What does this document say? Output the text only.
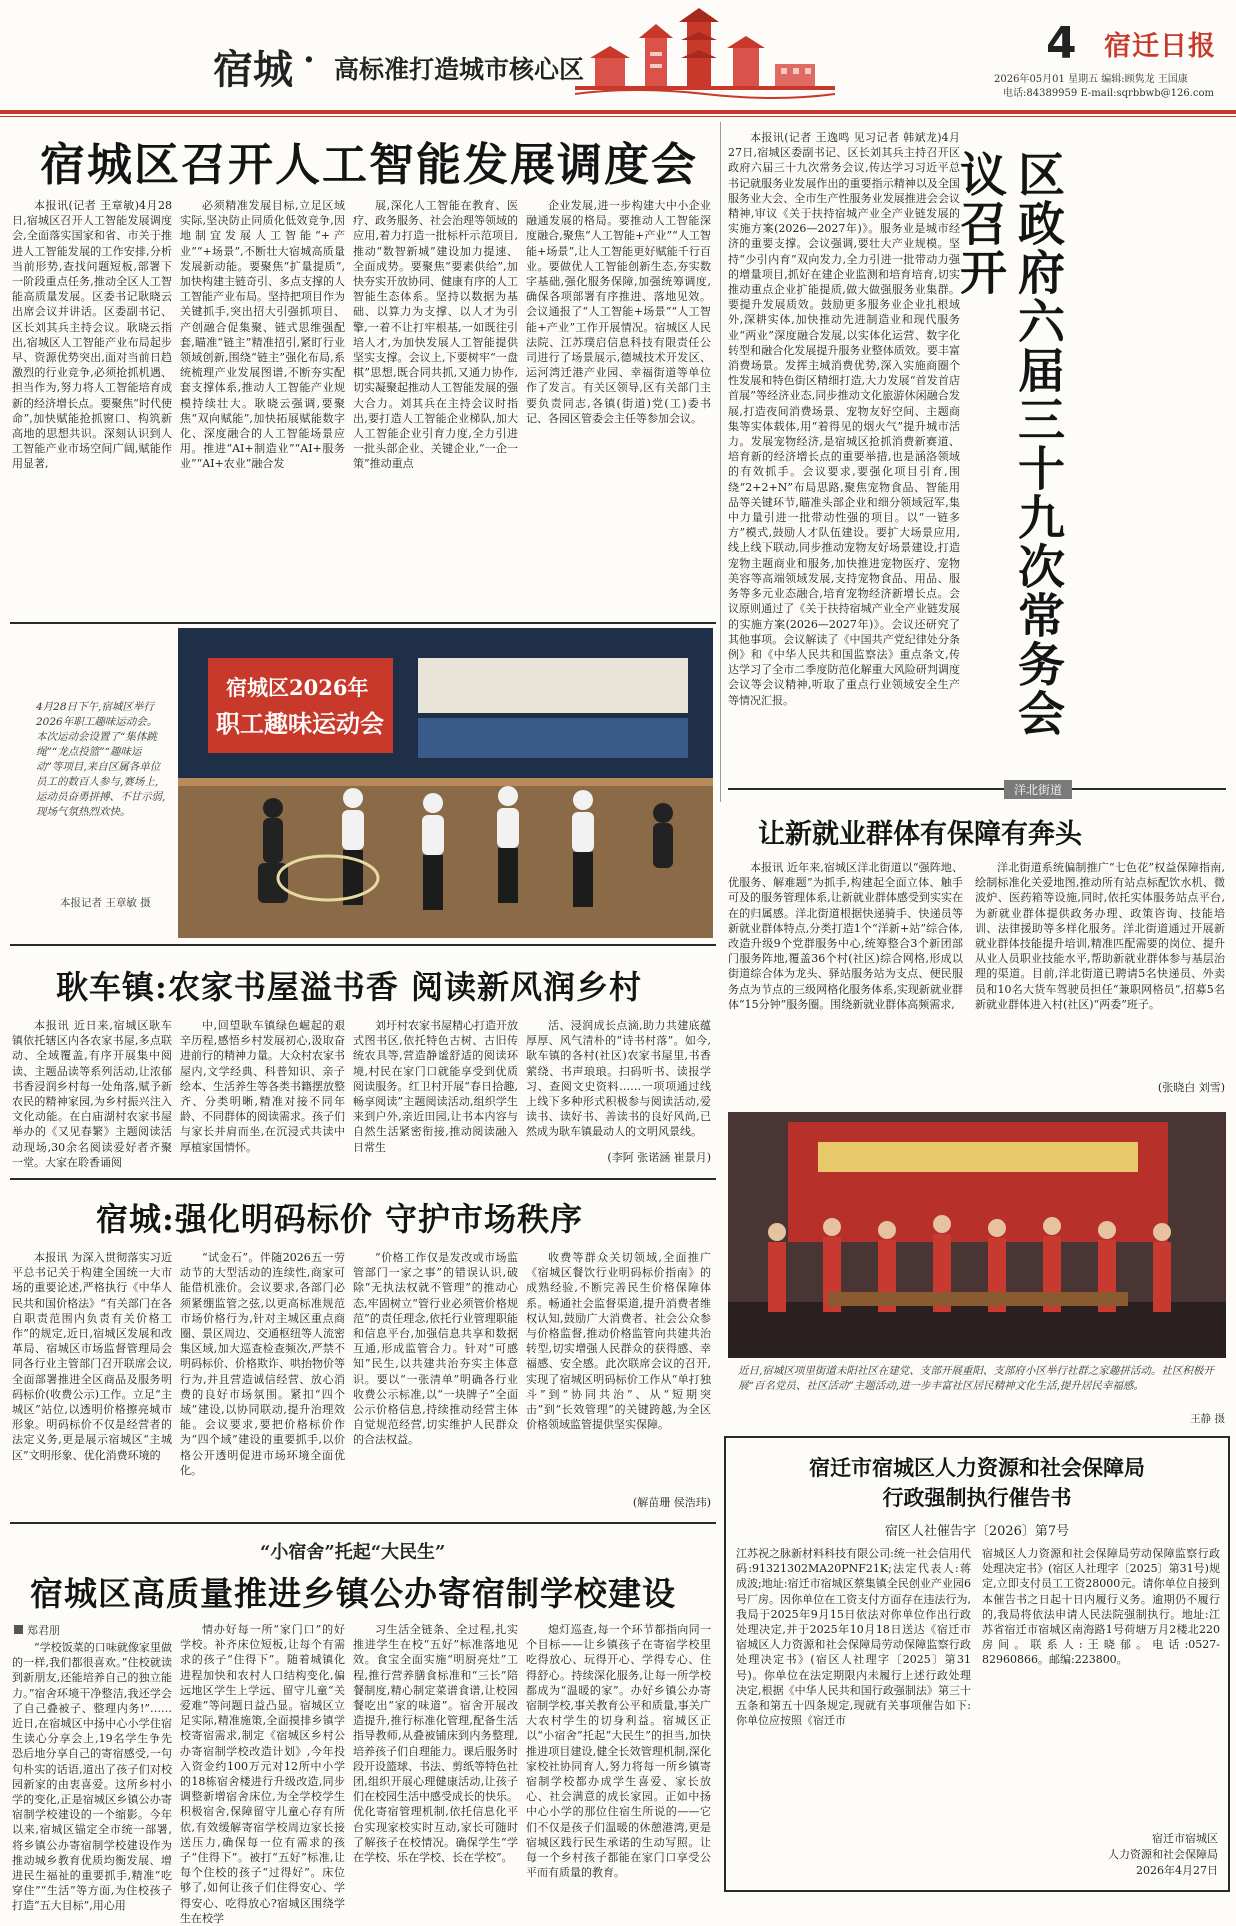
宿城 · 高标准打造城市核心区
4 宿迁日报
2026年05月01 星期五 编辑:顾隽龙 王国康
电话:84389959 E-mail:sqrbbwb@126.com
宿城区召开人工智能发展调度会

本报讯(记者 王章敏)4月28日,宿城区召开人工智能发展调度会,全面落实国家和省、市关于推进人工智能发展的工作安排,分析当前形势,查找问题短板,部署下一阶段重点任务,推动全区人工智能高质量发展。区委书记耿晓云出席会议并讲话。区委副书记、区长刘其兵主持会议。耿晓云指出,宿城区人工智能产业布局起步早、资源优势突出,面对当前日趋激烈的行业竞争,必须抢抓机遇、担当作为,努力将人工智能培育成新的经济增长点。要聚焦“时代使命”,加快赋能抢抓窗口、构筑新高地的思想共识。深刻认识到人工智能产业市场空间广阔,赋能作用显著,

必须精准发展目标,立足区域实际,坚决防止同质化低效竞争,因地制宜发展人工智能“+产业”“+场景”,不断壮大宿城高质量发展新动能。要聚焦“扩量提质”,加快构建主链奇引、多点支撑的人工智能产业布局。坚持把项目作为关键抓手,突出招大引强抓项目、产创融合促集聚、链式思维强配套,瞄准“链主”精准招引,紧盯行业领域创新,围绕“链主”强化布局,系统梳理产业发展图谱,不断夯实配套支撑体系,推动人工智能产业规模持续壮大。耿晓云强调,要聚焦“双向赋能”,加快拓展赋能数字化、深度融合的人工智能场景应用。推进“AI+制造业”“AI+服务业”“AI+农业”融合发

展,深化人工智能在教育、医疗、政务服务、社会治理等领域的应用,着力打造一批标杆示范项目,推动“数智新城”建设加力提速、全面成势。要聚焦“要素供给”,加快夯实开放协同、健康有序的人工智能生态体系。坚持以数据为基础、以算力为支撑、以人才为引擎,一着不让打牢根基,一如既往引培人才,为加快发展人工智能提供坚实支撑。会议上,下要树牢“一盘棋”思想,既合同共抓,又通力协作,切实凝聚起推动人工智能发展的强大合力。刘其兵在主持会议时指出,要打造人工智能企业梯队,加大人工智能企业引育力度,全力引进一批头部企业、关键企业,“一企一策”推动重点

企业发展,进一步构建大中小企业融通发展的格局。要推动人工智能深度融合,聚焦“人工智能+产业”“人工智能+场景”,让人工智能更好赋能千行百业。要做优人工智能创新生态,夯实数字基础,强化服务保障,加强统筹调度,确保各项部署有序推进、落地见效。会议通报了“人工智能+场景”“人工智能+产业”工作开展情况。宿城区人民法院、江苏璞启信息科技有限责任公司进行了场景展示,德城技术开发区、运河湾迁港产业园、幸福街道等单位作了发言。有关区领导,区有关部门主要负责同志,各镇(街道)党(工)委书记、各园区管委会主任等参加会议。

本报讯(记者 王逸鸣 见习记者 韩斌龙)4月27日,宿城区委副书记、区长刘其兵主持召开区政府六届三十九次常务会议,传达学习习近平总书记就服务业发展作出的重要指示精神以及全国服务业大会、全市生产性服务业发展推进会会议精神,审议《关于扶持宿城产业全产业链发展的实施方案(2026—2027年)》。服务业是城市经济的重要支撑。会议强调,要壮大产业规模。坚持“少引内育”双向发力,全力引进一批带动力强的增量项目,抓好在建企业监测和培育培育,切实推动重点企业扩能提质,做大做强服务业集群。要提升发展质效。鼓励更多服务业企业扎根域外,深耕实体,加快推动先进制造业和现代服务业“两业”深度融合发展,以实体化运营、数字化转型和融合化发展提升服务业整体质效。要丰富消费场景。发挥主城消费优势,深入实施商圈个性发展和特色街区精细打造,大力发展“首发首店首展”等经济业态,同步推动文化旅游休闲融合发展,打造夜间消费场景、宠物友好空间、主题商集等实体载体,用“着得见的烟火气”提升城市活力。发展宠物经济,是宿城区抢抓消费新赛道、培育新的经济增长点的重要举措,也是涵洛领域的有效抓手。会议要求,要强化项目引育,围绕“2+2+N”布局思路,聚焦宠物食品、智能用品等关键环节,瞄准头部企业和细分领域冠军,集中力量引进一批带动性强的项目。以“一链多方”模式,鼓励人才队伍建设。要扩大场景应用,线上线下联动,同步推动宠物友好场景建设,打造宠物主题商业和服务,加快推进宠物医疗、宠物美容等高端领域发展,支持宠物食品、用品、服务等多元业态融合,培育宠物经济新增长点。会议原则通过了《关于扶持宿城产业全产业链发展的实施方案(2026—2027年)》。会议还研究了其他事项。会议解读了《中国共产党纪律处分条例》和《中华人民共和国监察法》重点条文,传达学习了全市二季度防范化解重大风险研判调度会议等会议精神,听取了重点行业领域安全生产等情况汇报。	区政府六届三十九次常务会议召开
宿城区2026年
职工趣味运动会
4月28日下午,宿城区举行2026年职工趣味运动会。本次运动会设置了“集体跳绳”“龙点投篮”“趣味运动”等项目,来自区属各单位员工的数百人参与,赛场上,运动员奋勇拼搏、不甘示弱,现场气氛热烈欢快。
本报记者 王章敏 摄
洋北街道
让新就业群体有保障有奔头

本报讯 近年来,宿城区洋北街道以“强阵地、优服务、解难题”为抓手,构建起全面立体、触手可及的服务管理体系,让新就业群体感受到实实在在的归属感。洋北街道根据快递骑手、快递员等新就业群体特点,分类打造1个“洋新+站”综合体,改造升级9个党群服务中心,统筹整合3个新团部门服务阵地,覆盖36个村(社区)综合网格,形成以街道综合体为龙头、驿站服务站为支点、便民服务点为节点的三级网格化服务体系,实现新就业群体“15分钟”服务圈。围绕新就业群体高频需求,

洋北街道系统偏制推广“七色花”权益保障指南,绘制标准化关爱地图,推动所有站点标配饮水机、微波炉、医药箱等设施,同时,依托实体服务站点平台,为新就业群体提供政务办理、政策咨询、技能培训、法律援助等多样化服务。洋北街道通过开展新就业群体技能提升培训,精准匹配需要的岗位、提升从业人员职业技能水平,帮助新就业群体参与基层治理的渠道。目前,洋北街道已聘请5名快递员、外卖员和10名大货车驾驶员担任“兼职网格员”,招募5名新就业群体进入村(社区)“两委”班子。

(张晓白 刘雪)
耿车镇:农家书屋溢书香 阅读新风润乡村

本报讯 近日来,宿城区耿车镇依托辖区内各农家书屋,多点联动、全域覆盖,有序开展集中阅读、主题品读等系列活动,让浓郁书香浸润乡村每一处角落,赋予新农民的精神家园,为乡村振兴注入文化动能。在白庙湖村农家书屋举办的《又见春繁》主题阅读活动现场,30余名阅读爱好者齐聚一堂。大家在聆香诵阅

中,回望耿车镇绿色崛起的艰辛历程,感悟乡村发展初心,汲取奋进前行的精神力量。大众村农家书屋内,文学经典、科普知识、亲子绘本、生活养生等各类书籍摆放整齐、分类明晰,精准对接不同年龄、不同群体的阅读需求。孩子们与家长并肩而坐,在沉浸式共读中厚植家国情怀。

刘圩村农家书屋精心打造开放式图书区,依托特色古树、古旧传统农具等,营造静谧舒适的阅读环境,村民在家门口就能享受到优质阅读服务。红卫村开展“春日拾趣,畅享阅读”主题阅读活动,组织学生来到户外,亲近田园,让书本内容与自然生活紧密衔接,推动阅读融入日常生

活、浸润成长点滴,助力共建底蕴厚厚、风气清朴的“诗书村落”。如今,耿车镇的各村(社区)农家书屋里,书香萦绕、书声琅琅。扫码听书、读报学习、查阅文史资料……一项项通过线上线下多种形式积极参与阅读活动,爱读书、读好书、善读书的良好风尚,已然成为耿车镇最动人的文明风景线。

(李阿 张诺涵 崔景月)
近日,宿城区项里街道未阳社区在建党、支部开展重阳、支部府小区举行社群之家趣拼活动。社区积极开展“百名党员、社区活动”主题活动,进一步丰富社区居民精神文化生活,提升居民幸福感。
王静 摄
宿城:强化明码标价 守护市场秩序

本报讯 为深入贯彻落实习近平总书记关于构建全国统一大市场的重要论述,严格执行《中华人民共和国价格法》“有关部门在各自职责范围内负责有关价格工作”的规定,近日,宿城区发展和改革局、宿城区市场监督管理局会同各行业主管部门召开联席会议,全面部署推进全区商品及服务明码标价(收费公示)工作。立足“主城区”站位,以透明价格擦亮城市形象。明码标价不仅是经营者的法定义务,更是展示宿城区“主城区”文明形象、优化消费环境的

“试金石”。伴随2026五一劳动节的大型活动的连续性,商家可能借机涨价。会议要求,各部门必须紧绷监管之弦,以更高标准规范市场价格行为,针对主城区重点商圈、景区周边、交通枢纽等人流密集区域,加大巡查检查频次,严禁不明码标价、价格欺诈、哄抬物价等行为,并且营造诚信经营、放心消费的良好市场氛围。紧扣“四个域”建设,以协同联动,提升治理效能。会议要求,要把价格标价作为“四个域”建设的重要抓手,以价格公开透明促进市场环境全面优化。

“价格工作仅是发改或市场监管部门一家之事”的错误认识,破除“无执法权就不管理”的推动心态,牢固树立“管行业必须管价格规范”的责任理念,依托行业管理职能和信息平台,加强信息共享和数据互通,形成监管合力。针对“可感知”民生,以共建共治夯实主体意识。要以“一张清单”明确各行业收费公示标准,以“一块牌子”全面公示价格信息,持续推动经营主体自觉规范经营,切实维护人民群众的合法权益。

收费等群众关切领域,全面推广《宿城区餐饮行业明码标价指南》的成熟经验,不断完善民生价格保障体系。畅通社会监督渠道,提升消费者维权认知,鼓励广大消费者、社会公众参与价格监督,推动价格监管向共建共治转型,切实增强人民群众的获得感、幸福感、安全感。此次联席会议的召开,实现了宿城区明码标价工作从“单打独斗”到“协同共治”、从“短期突击”到“长效管理”的关键跨越,为全区价格领域监管提供坚实保障。

(解苗珊 侯浩玮)
“小宿舍”托起“大民生”
宿城区高质量推进乡镇公办寄宿制学校建设
郑君朋

“学校饭菜的口味就像家里做的一样,我们都很喜欢。”住校就读到新朋友,还能培养自己的独立能力。”宿舍环境干净整洁,我还学会了自己叠被子、整理内务!”……近日,在宿城区中扬中心小学住宿生读心分享会上,19名学生争先恐后地分享自己的寄宿感受,一句句朴实的话语,道出了孩子们对校园新家的由衷喜爱。这所乡村小学的变化,正是宿城区乡镇公办寄宿制学校建设的一个缩影。今年以来,宿城区锚定全市统一部署,将乡镇公办寄宿制学校建设作为推动城乡教育优质均衡发展、增进民生福祉的重要抓手,精准“吃穿住”“生活”等方面,为住校孩子打造“五大目标”,用心用

情办好每一所“家门口”的好学校。补齐床位短板,让每个有需求的孩子“住得下”。随着城镇化进程加快和农村人口结构变化,偏远地区学生上学远、留守儿童“关爱难”等问题日益凸显。宿城区立足实际,精准施策,全面摸排乡镇学校寄宿需求,制定《宿城区乡村公办寄宿制学校改造计划》,今年投入资金约100万元对12所中小学的18栋宿舍楼进行升级改造,同步调整新增宿舍床位,为全学校学生积极宿舍,保障留守儿童心存有所依,有效缓解寄宿学校周边家长接送压力,确保每一位有需求的孩子“住得下”。被打“五好”标准,让每个住校的孩子“过得好”。床位够了,如何让孩子们住得安心、学得安心、吃得放心?宿城区围绕学生在校学

习生活全链条、全过程,扎实推进学生在校“五好”标准落地见效。食宝全面实施“明厨亮灶”工程,推行营养膳食标准和“三长”陪餐制度,精心制定菜谱食谱,让校园餐吃出“家的味道”。宿舍开展改造提升,推行标准化管理,配备生活指导教师,从叠被铺床到内务整理,培养孩子们自理能力。课后服务时段开设篮球、书法、剪纸等特色社团,组织开展心理健康活动,让孩子们在校园生活中感受成长的快乐。优化寄宿管理机制,依托信息化平台实现家校实时互动,家长可随时了解孩子在校情况。确保学生“学在学校、乐在学校、长在学校”。

熄灯巡查,每一个环节都指向同一个目标——让乡镇孩子在寄宿学校里吃得放心、玩得开心、学得专心、住得舒心。持续深化服务,让每一所学校都成为“温暖的家”。办好乡镇公办寄宿制学校,事关教育公平和质量,事关广大农村学生的切身利益。宿城区正以“小宿舍”托起“大民生”的担当,加快推进项目建设,健全长效管理机制,深化家校社协同育人,努力将每一所乡镇寄宿制学校都办成学生喜爱、家长放心、社会满意的成长家园。正如中扬中心小学的那位住宿生所说的——它们不仅是孩子们温暖的休憩港湾,更是宿城区践行民生承诺的生动写照。让每一个乡村孩子都能在家门口享受公平而有质量的教育。

宿迁市宿城区人力资源和社会保障局
行政强制执行催告书
宿区人社催告字〔2026〕第7号
江苏祝之脉新材料科技有限公司:统一社会信用代码:91321302MA20PNF21K;法定代表人:蒋成波;地址:宿迁市宿城区蔡集镇全民创业产业园6号厂房。因你单位在工资支付方面存在违法行为,我局于2025年9月15日依法对你单位作出行政处理决定,并于2025年10月18日送达《宿迁市宿城区人力资源和社会保障局劳动保障监察行政处理决定书》(宿区人社理字〔2025〕第31号)。你单位在法定期限内未履行上述行政处理决定,根据《中华人民共和国行政强制法》第三十五条和第五十四条规定,现就有关事项催告如下:你单位应按照《宿迁市
宿城区人力资源和社会保障局劳动保障监察行政处理决定书》(宿区人社理字〔2025〕第31号)规定,立即支付员工工资28000元。请你单位自接到本催告书之日起十日内履行义务。逾期仍不履行的,我局将依法申请人民法院强制执行。地址:江苏省宿迁市宿城区南海路1号荷塘万月2楼北220房间。联系人:王晓郁。电话:0527-82960866。邮编:223800。
宿迁市宿城区
人力资源和社会保障局
2026年4月27日
